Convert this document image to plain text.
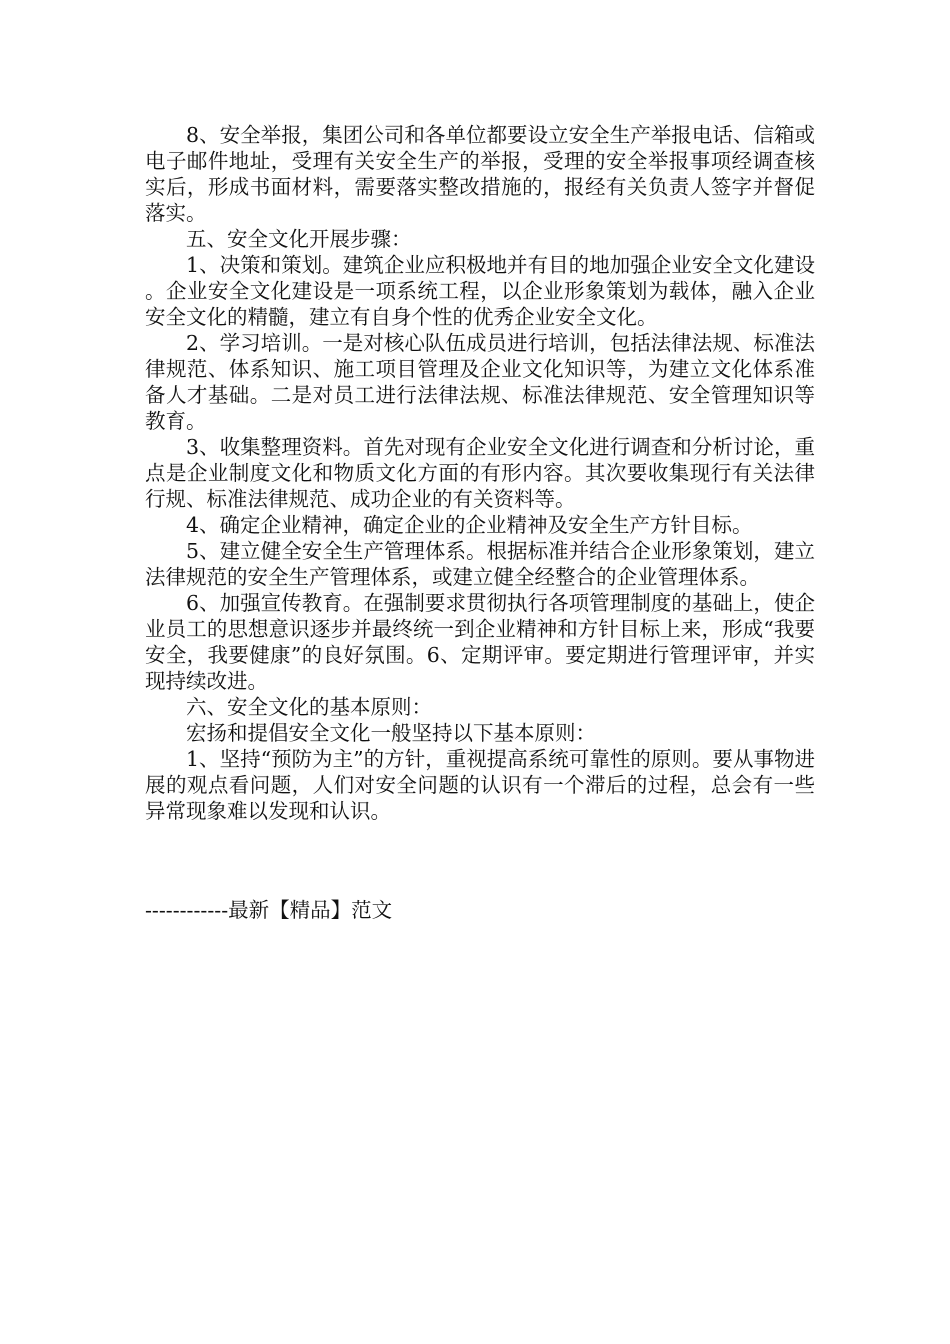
8、安全举报，集团公司和各单位都要设立安全生产举报电话、信箱或电子邮件地址，受理有关安全生产的举报，受理的安全举报事项经调查核实后，形成书面材料，需要落实整改措施的，报经有关负责人签字并督促落实。

五、安全文化开展步骤：

1、决策和策划。建筑企业应积极地并有目的地加强企业安全文化建设。企业安全文化建设是一项系统工程，以企业形象策划为载体，融入企业安全文化的精髓，建立有自身个性的优秀企业安全文化。

2、学习培训。一是对核心队伍成员进行培训，包括法律法规、标准法律规范、体系知识、施工项目管理及企业文化知识等，为建立文化体系准备人才基础。二是对员工进行法律法规、标准法律规范、安全管理知识等教育。

3、收集整理资料。首先对现有企业安全文化进行调查和分析讨论，重点是企业制度文化和物质文化方面的有形内容。其次要收集现行有关法律行规、标准法律规范、成功企业的有关资料等。

4、确定企业精神，确定企业的企业精神及安全生产方针目标。

5、建立健全安全生产管理体系。根据标准并结合企业形象策划，建立法律规范的安全生产管理体系，或建立健全经整合的企业管理体系。

6、加强宣传教育。在强制要求贯彻执行各项管理制度的基础上，使企业员工的思想意识逐步并最终统一到企业精神和方针目标上来，形成“我要安全，我要健康”的良好氛围。6、定期评审。要定期进行管理评审，并实现持续改进。

六、安全文化的基本原则：

宏扬和提倡安全文化一般坚持以下基本原则：

1、坚持“预防为主”的方针，重视提高系统可靠性的原则。要从事物进展的观点看问题，人们对安全问题的认识有一个滞后的过程，总会有一些异常现象难以发现和认识。

------------最新【精品】范文
